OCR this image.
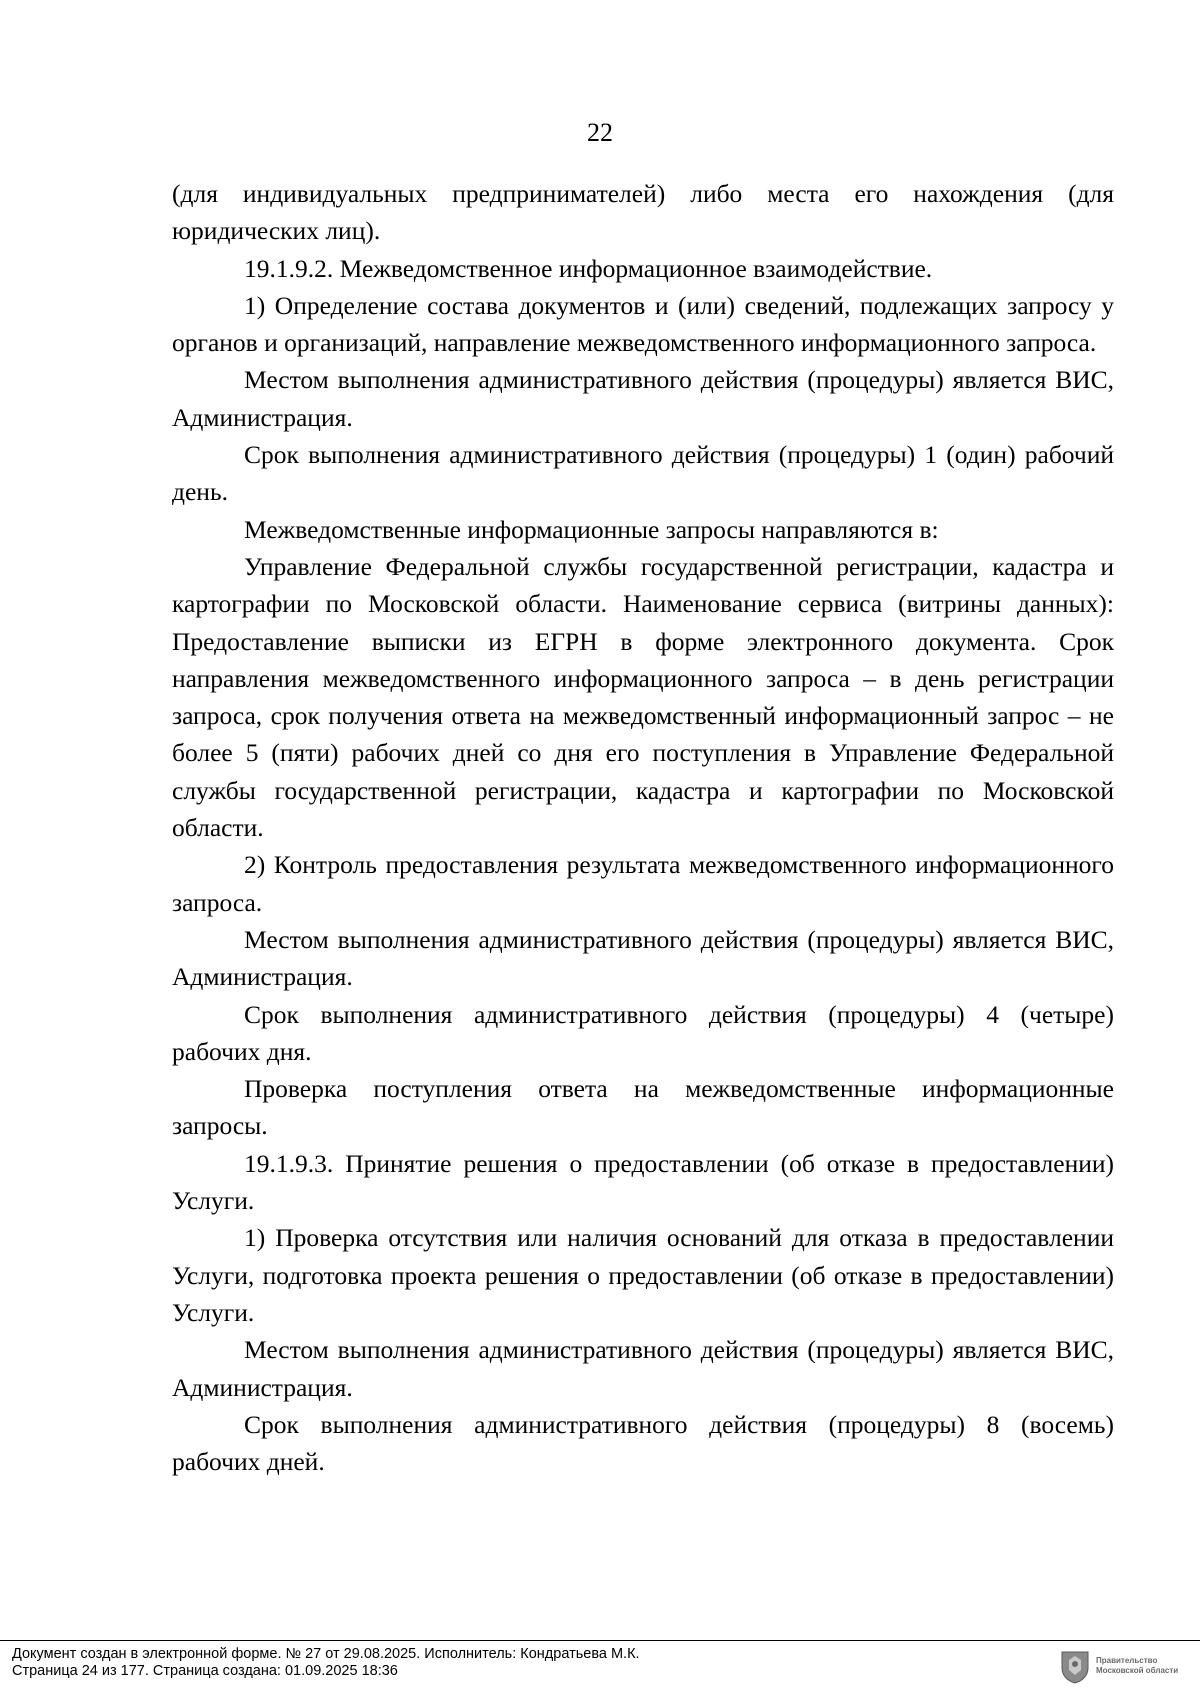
22

(для индивидуальных предпринимателей) либо места его нахождения (для юридических лиц).

19.1.9.2. Межведомственное информационное взаимодействие.

1) Определение состава документов и (или) сведений, подлежащих запросу у органов и организаций, направление межведомственного информационного запроса.

Местом выполнения административного действия (процедуры) является ВИС, Администрация.

Срок выполнения административного действия (процедуры) 1 (один) рабочий день.

Межведомственные информационные запросы направляются в:

Управление Федеральной службы государственной регистрации, кадастра и картографии по Московской области. Наименование сервиса (витрины данных): Предоставление выписки из ЕГРН в форме электронного документа. Срок направления межведомственного информационного запроса – в день регистрации запроса, срок получения ответа на межведомственный информационный запрос – не более 5 (пяти) рабочих дней со дня его поступления в Управление Федеральной службы государственной регистрации, кадастра и картографии по Московской области.

2) Контроль предоставления результата межведомственного информационного запроса.

Местом выполнения административного действия (процедуры) является ВИС, Администрация.

Срок выполнения административного действия (процедуры) 4 (четыре) рабочих дня.

Проверка поступления ответа на межведомственные информационные запросы.

19.1.9.3. Принятие решения о предоставлении (об отказе в предоставлении) Услуги.

1) Проверка отсутствия или наличия оснований для отказа в предоставлении Услуги, подготовка проекта решения о предоставлении (об отказе в предоставлении) Услуги.

Местом выполнения административного действия (процедуры) является ВИС, Администрация.

Срок выполнения административного действия (процедуры) 8 (восемь) рабочих дней.

Документ создан в электронной форме. № 27 от 29.08.2025. Исполнитель: Кондратьева М.К.
Страница 24 из 177. Страница создана: 01.09.2025 18:36
Правительство
Московской области
